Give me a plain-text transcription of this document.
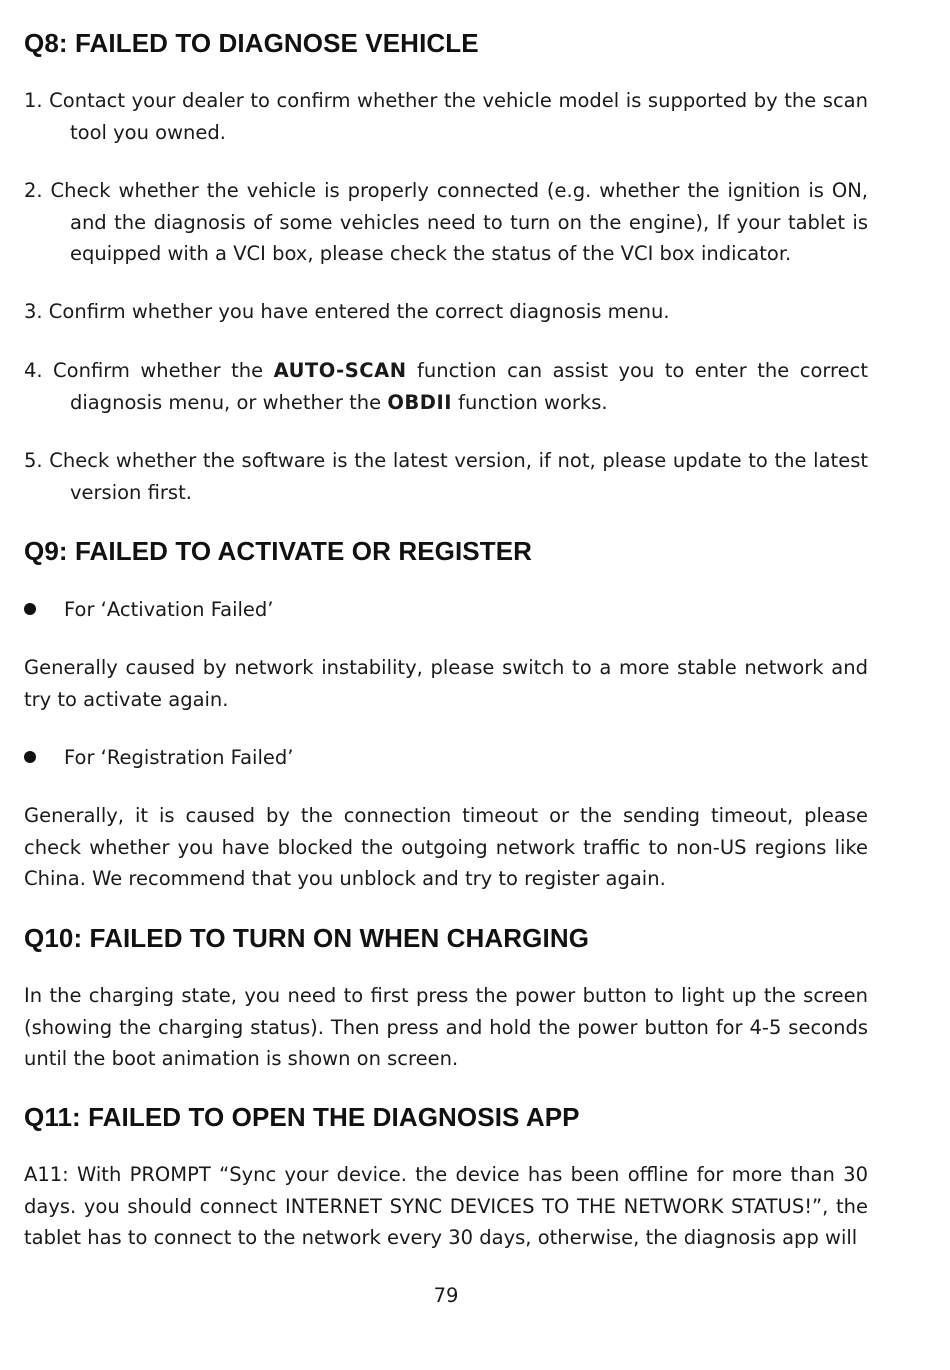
Q8: FAILED TO DIAGNOSE VEHICLE

1. Contact your dealer to confirm whether the vehicle model is supported by the scan tool you owned.

2. Check whether the vehicle is properly connected (e.g. whether the ignition is ON, and the diagnosis of some vehicles need to turn on the engine), If your tablet is equipped with a VCI box, please check the status of the VCI box indicator.

3. Confirm whether you have entered the correct diagnosis menu.

4. Confirm whether the AUTO-SCAN function can assist you to enter the correct diagnosis menu, or whether the OBDII function works.

5. Check whether the software is the latest version, if not, please update to the latest version first.

Q9: FAILED TO ACTIVATE OR REGISTER
For ‘Activation Failed’

Generally caused by network instability, please switch to a more stable network and try to activate again.

For ‘Registration Failed’

Generally, it is caused by the connection timeout or the sending timeout, please check whether you have blocked the outgoing network traffic to non-US regions like China. We recommend that you unblock and try to register again.

Q10: FAILED TO TURN ON WHEN CHARGING

In the charging state, you need to first press the power button to light up the screen (showing the charging status). Then press and hold the power button for 4-5 seconds until the boot animation is shown on screen.

Q11: FAILED TO OPEN THE DIAGNOSIS APP

A11: With PROMPT “Sync your device. the device has been offline for more than 30 days. you should connect INTERNET SYNC DEVICES TO THE NETWORK STATUS!”, the tablet has to connect to the network every 30 days, otherwise, the diagnosis app will

79
